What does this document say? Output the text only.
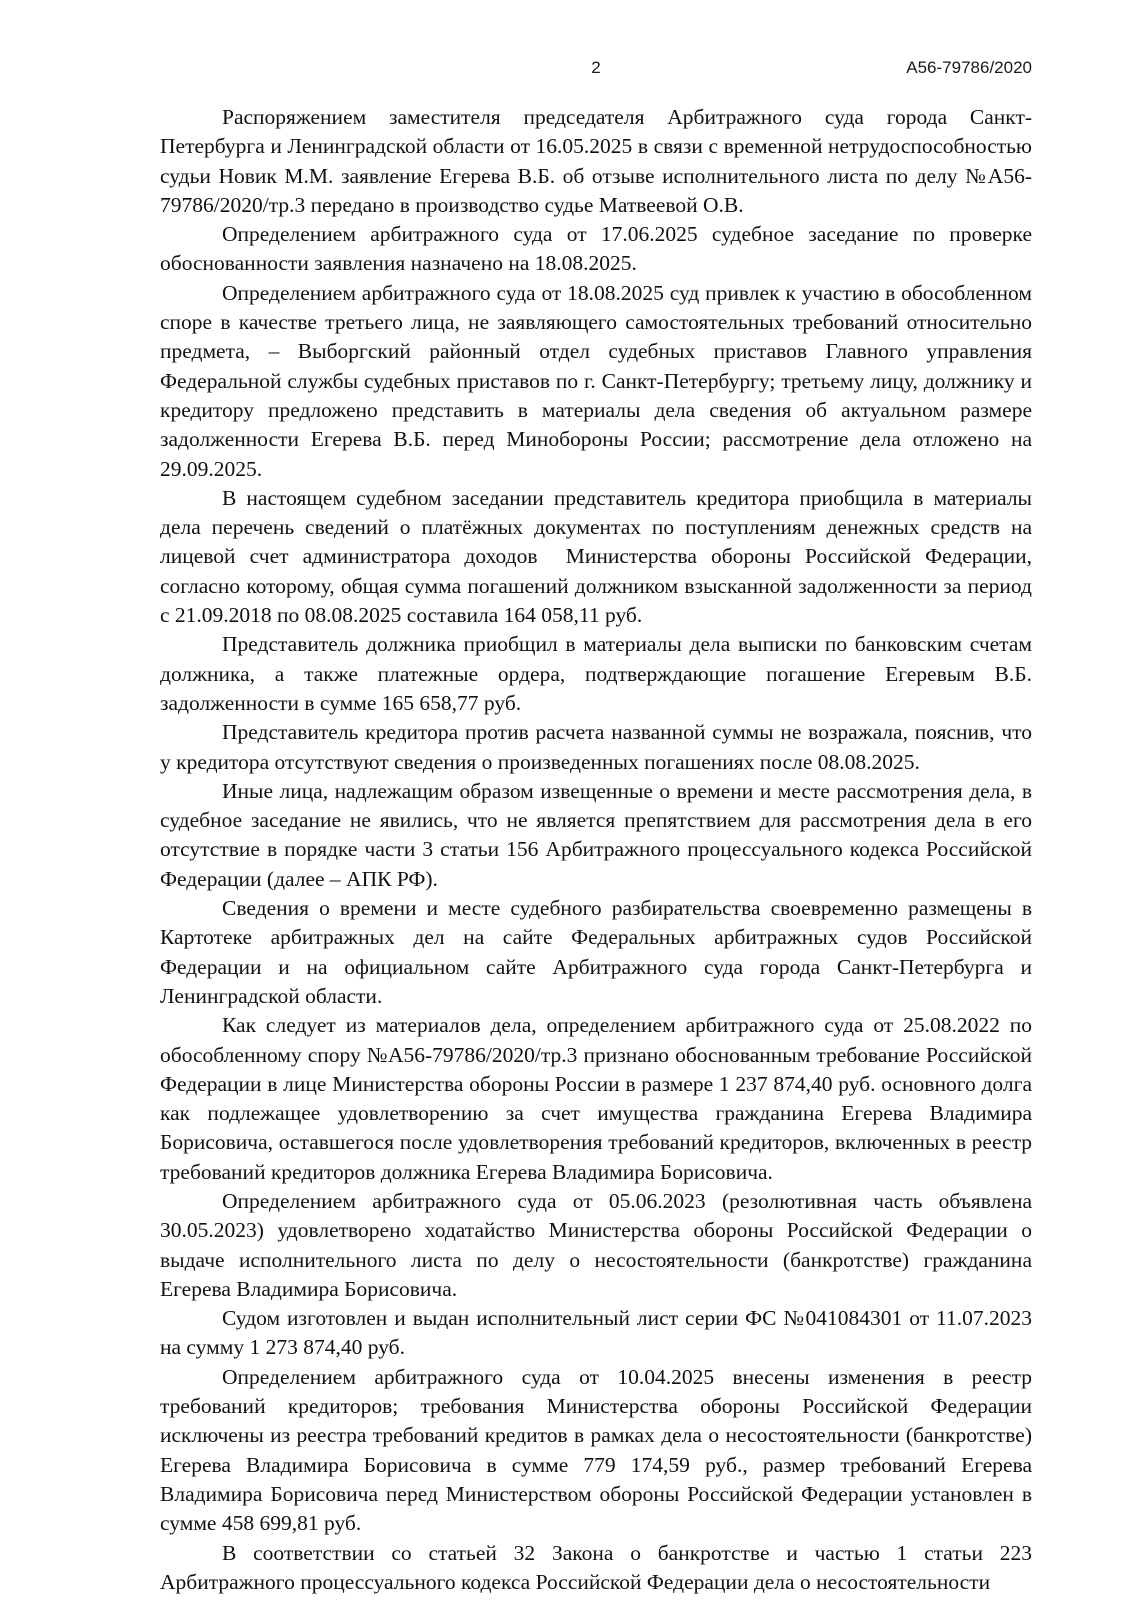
2	А56-79786/2020

Распоряжением заместителя председателя Арбитражного суда города Санкт-Петербурга и Ленинградской области от 16.05.2025 в связи с временной нетрудоспособностью судьи Новик М.М. заявление Егерева В.Б. об отзыве исполнительного листа по делу №А56-79786/2020/тр.3 передано в производство судье Матвеевой О.В.

Определением арбитражного суда от 17.06.2025 судебное заседание по проверке обоснованности заявления назначено на 18.08.2025.

Определением арбитражного суда от 18.08.2025 суд привлек к участию в обособленном споре в качестве третьего лица, не заявляющего самостоятельных требований относительно предмета, – Выборгский районный отдел судебных приставов Главного управления Федеральной службы судебных приставов по г. Санкт-Петербургу; третьему лицу, должнику и кредитору предложено представить в материалы дела сведения об актуальном размере задолженности Егерева В.Б. перед Минобороны России; рассмотрение дела отложено на 29.09.2025.

В настоящем судебном заседании представитель кредитора приобщила в материалы дела перечень сведений о платёжных документах по поступлениям денежных средств на лицевой счет администратора доходов  Министерства обороны Российской Федерации, согласно которому, общая сумма погашений должником взысканной задолженности за период с 21.09.2018 по 08.08.2025 составила 164 058,11 руб.

Представитель должника приобщил в материалы дела выписки по банковским счетам должника, а также платежные ордера, подтверждающие погашение Егеревым В.Б. задолженности в сумме 165 658,77 руб.

Представитель кредитора против расчета названной суммы не возражала, пояснив, что у кредитора отсутствуют сведения о произведенных погашениях после 08.08.2025.

Иные лица, надлежащим образом извещенные о времени и месте рассмотрения дела, в судебное заседание не явились, что не является препятствием для рассмотрения дела в его отсутствие в порядке части 3 статьи 156 Арбитражного процессуального кодекса Российской Федерации (далее – АПК РФ).

Сведения о времени и месте судебного разбирательства своевременно размещены в Картотеке арбитражных дел на сайте Федеральных арбитражных судов Российской Федерации и на официальном сайте Арбитражного суда города Санкт-Петербурга и Ленинградской области.

Как следует из материалов дела, определением арбитражного суда от 25.08.2022 по обособленному спору №А56-79786/2020/тр.3 признано обоснованным требование Российской Федерации в лице Министерства обороны России в размере 1 237 874,40 руб. основного долга как подлежащее удовлетворению за счет имущества гражданина Егерева Владимира Борисовича, оставшегося после удовлетворения требований кредиторов, включенных в реестр требований кредиторов должника Егерева Владимира Борисовича.

Определением арбитражного суда от 05.06.2023 (резолютивная часть объявлена 30.05.2023) удовлетворено ходатайство Министерства обороны Российской Федерации о выдаче исполнительного листа по делу о несостоятельности (банкротстве) гражданина Егерева Владимира Борисовича.

Судом изготовлен и выдан исполнительный лист серии ФС №041084301 от 11.07.2023 на сумму 1 273 874,40 руб.

Определением арбитражного суда от 10.04.2025 внесены изменения в реестр требований кредиторов; требования Министерства обороны Российской Федерации исключены из реестра требований кредитов в рамках дела о несостоятельности (банкротстве) Егерева Владимира Борисовича в сумме 779 174,59 руб., размер требований Егерева Владимира Борисовича перед Министерством обороны Российской Федерации установлен в сумме 458 699,81 руб.

В соответствии со статьей 32 Закона о банкротстве и частью 1 статьи 223 Арбитражного процессуального кодекса Российской Федерации дела о несостоятельности
